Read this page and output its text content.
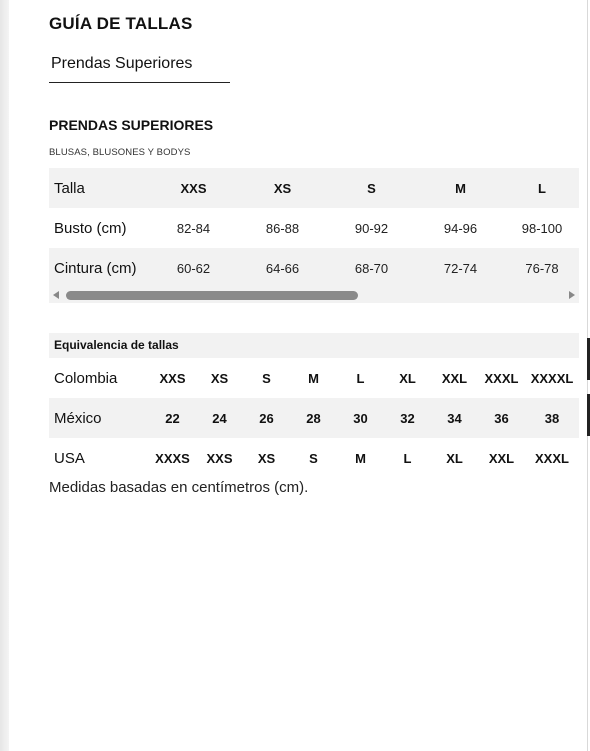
GUÍA DE TALLAS
Prendas Superiores
PRENDAS SUPERIORES
BLUSAS, BLUSONES Y BODYS
Talla	XXS	XS	S	M	L
Busto (cm)	82-84	86-88	90-92	94-96	98-100
Cintura (cm)	60-62	64-66	68-70	72-74	76-78
Equivalencia de tallas
Colombia	XXS	XS	S	M	L	XL	XXL	XXXL	XXXXL
México	22	24	26	28	30	32	34	36	38
USA	XXXS	XXS	XS	S	M	L	XL	XXL	XXXL
Medidas basadas en centímetros (cm).
